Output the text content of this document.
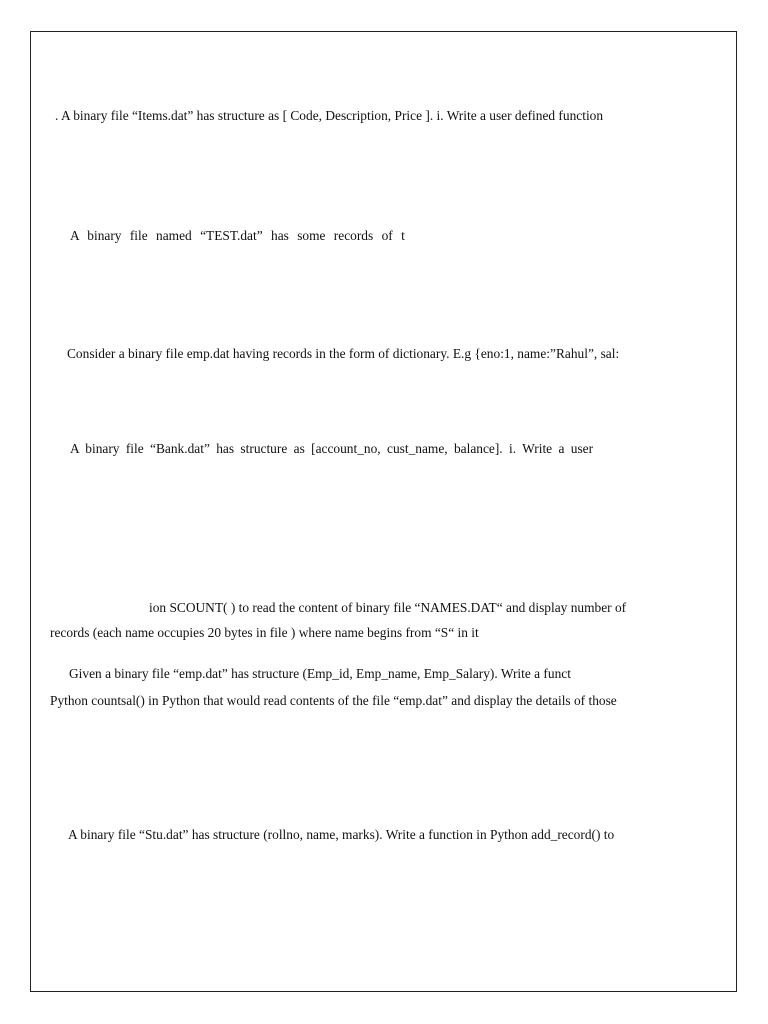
. A binary file “Items.dat” has structure as [ Code, Description, Price ]. i. Write a user defined function
A binary file named “TEST.dat” has some records of t
Consider a binary file emp.dat having records in the form of dictionary. E.g {eno:1, name:”Rahul”, sal:
A binary file “Bank.dat” has structure as [account_no, cust_name, balance]. i. Write a user
ion SCOUNT( ) to read the content of binary file “NAMES.DAT“ and display number of
records (each name occupies 20 bytes in file ) where name begins from “S“ in it
Given a binary file “emp.dat” has structure (Emp_id, Emp_name, Emp_Salary). Write a funct
Python countsal() in Python that would read contents of the file “emp.dat” and display the details of those
A binary file “Stu.dat” has structure (rollno, name, marks). Write a function in Python add_record() to
